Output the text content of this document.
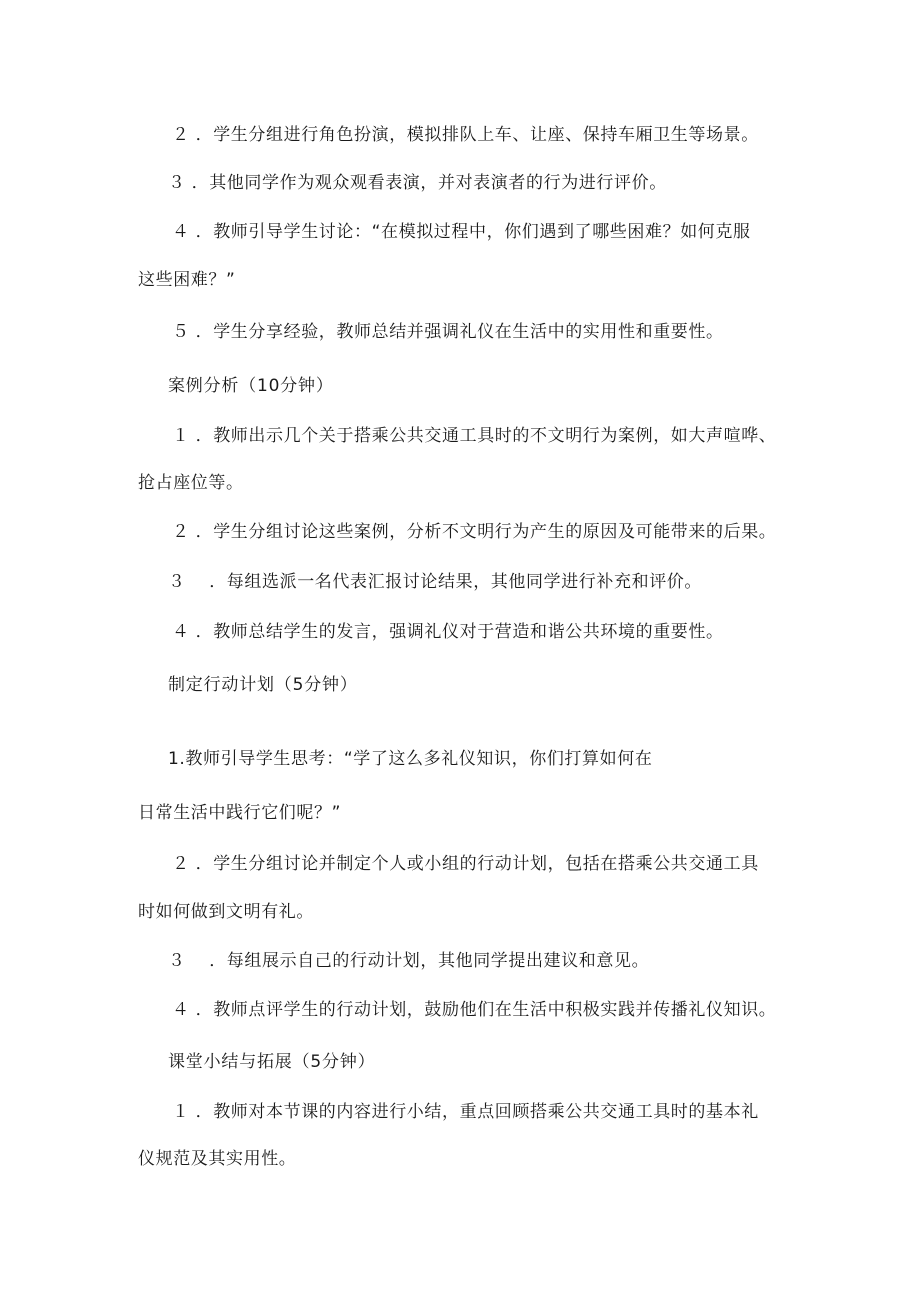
２ ．学生分组进行角色扮演，模拟排队上车、让座、保持车厢卫生等场景。
３ ．其他同学作为观众观看表演，并对表演者的行为进行评价。
４ ．教师引导学生讨论：“在模拟过程中，你们遇到了哪些困难？如何克服
这些困难？”
５ ．学生分享经验，教师总结并强调礼仪在生活中的实用性和重要性。
案例分析（10分钟）
１ ．教师出示几个关于搭乘公共交通工具时的不文明行为案例，如大声喧哗、
抢占座位等。
２ ．学生分组讨论这些案例，分析不文明行为产生的原因及可能带来的后果。
３　 ．每组选派一名代表汇报讨论结果，其他同学进行补充和评价。
４ ．教师总结学生的发言，强调礼仪对于营造和谐公共环境的重要性。
制定行动计划（5分钟）
1.教师引导学生思考：“学了这么多礼仪知识，你们打算如何在
日常生活中践行它们呢？”
２ ．学生分组讨论并制定个人或小组的行动计划，包括在搭乘公共交通工具
时如何做到文明有礼。
３　 ．每组展示自己的行动计划，其他同学提出建议和意见。
４ ．教师点评学生的行动计划，鼓励他们在生活中积极实践并传播礼仪知识。
课堂小结与拓展（5分钟）
１ ．教师对本节课的内容进行小结，重点回顾搭乘公共交通工具时的基本礼
仪规范及其实用性。
